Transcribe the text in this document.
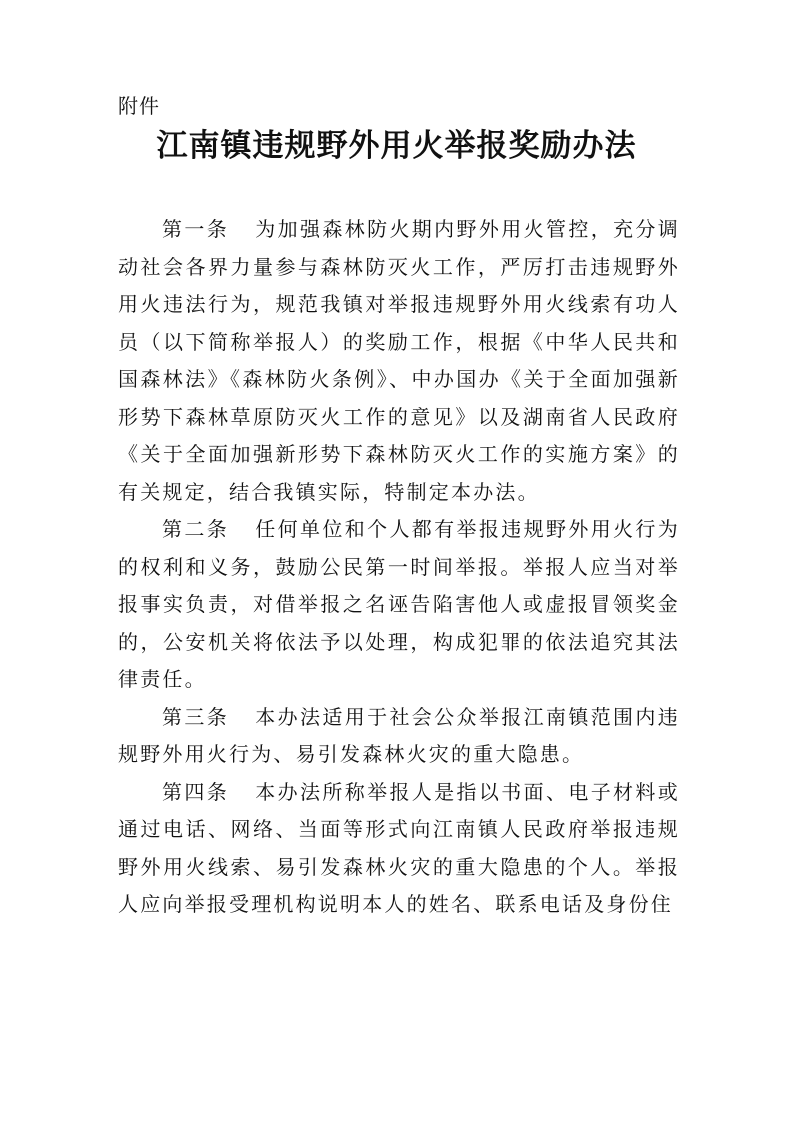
附件
江南镇违规野外用火举报奖励办法

第一条 为加强森林防火期内野外用火管控，充分调动社会各界力量参与森林防灭火工作，严厉打击违规野外用火违法行为，规范我镇对举报违规野外用火线索有功人员（以下简称举报人）的奖励工作，根据《中华人民共和国森林法》《森林防火条例》、中办国办《关于全面加强新形势下森林草原防灭火工作的意见》以及湖南省人民政府《关于全面加强新形势下森林防灭火工作的实施方案》的有关规定，结合我镇实际，特制定本办法。

第二条 任何单位和个人都有举报违规野外用火行为的权利和义务，鼓励公民第一时间举报。举报人应当对举报事实负责，对借举报之名诬告陷害他人或虚报冒领奖金的，公安机关将依法予以处理，构成犯罪的依法追究其法律责任。

第三条 本办法适用于社会公众举报江南镇范围内违规野外用火行为、易引发森林火灾的重大隐患。

第四条 本办法所称举报人是指以书面、电子材料或通过电话、网络、当面等形式向江南镇人民政府举报违规野外用火线索、易引发森林火灾的重大隐患的个人。举报人应向举报受理机构说明本人的姓名、联系电话及身份住
